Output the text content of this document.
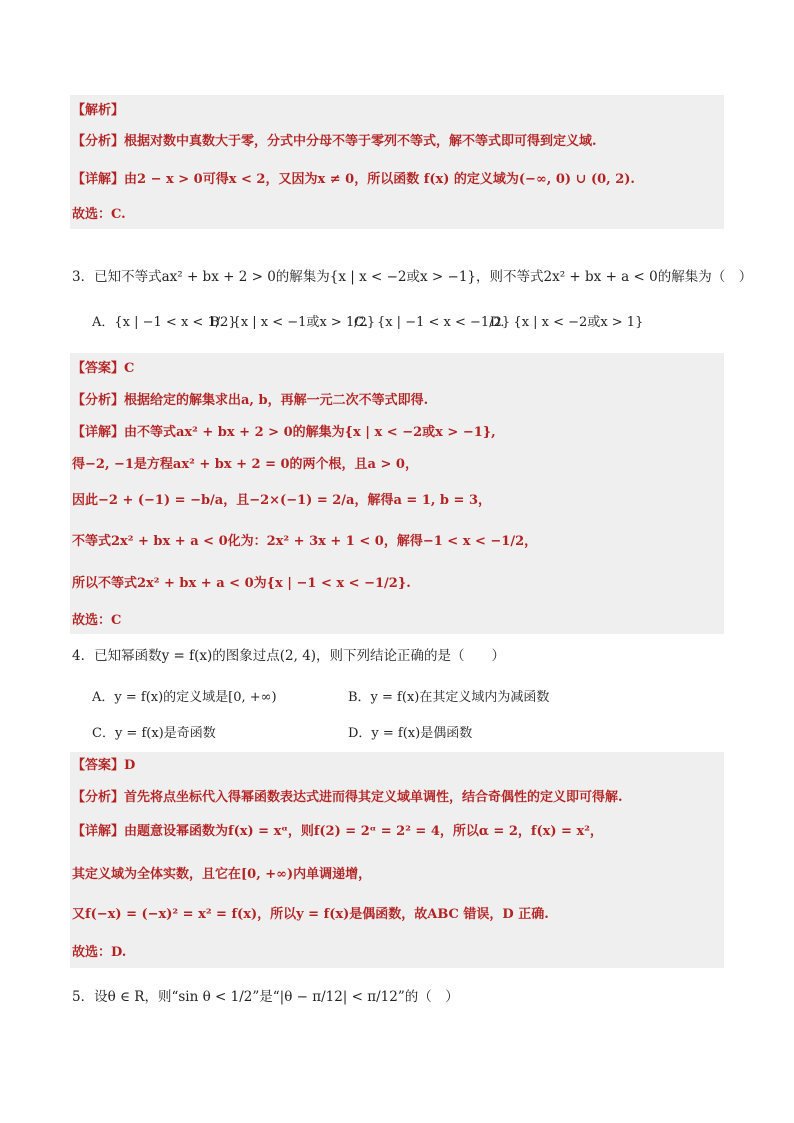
【解析】
【分析】根据对数中真数大于零，分式中分母不等于零列不等式，解不等式即可得到定义域.
【详解】由2 − x > 0可得x < 2，又因为x ≠ 0，所以函数 f(x) 的定义域为(−∞, 0) ∪ (0, 2).
故选：C.
3．已知不等式ax² + bx + 2 > 0的解集为{x | x < −2或x > −1}，则不等式2x² + bx + a < 0的解集为（　）
A．{x | −1 < x < 1/2}
B．{x | x < −1或x > 1/2}
C．{x | −1 < x < −1/2}
D．{x | x < −2或x > 1}
【答案】C
【分析】根据给定的解集求出a, b，再解一元二次不等式即得.
【详解】由不等式ax² + bx + 2 > 0的解集为{x | x < −2或x > −1},
得−2, −1是方程ax² + bx + 2 = 0的两个根，且a > 0，
因此−2 + (−1) = −b/a，且−2×(−1) = 2/a，解得a = 1, b = 3，
不等式2x² + bx + a < 0化为：2x² + 3x + 1 < 0，解得−1 < x < −1/2，
所以不等式2x² + bx + a < 0为{x | −1 < x < −1/2}.
故选：C
4．已知幂函数y = f(x)的图象过点(2, 4)，则下列结论正确的是（　　）
A．y = f(x)的定义域是[0, +∞)	B．y = f(x)在其定义域内为减函数
C．y = f(x)是奇函数	D．y = f(x)是偶函数
【答案】D
【分析】首先将点坐标代入得幂函数表达式进而得其定义域单调性，结合奇偶性的定义即可得解.
【详解】由题意设幂函数为f(x) = xᵅ，则f(2) = 2ᵅ = 2² = 4，所以α = 2，f(x) = x²，
其定义域为全体实数，且它在[0, +∞)内单调递增，
又f(−x) = (−x)² = x² = f(x)，所以y = f(x)是偶函数，故ABC 错误，D 正确.
故选：D.
5．设θ ∈ R，则“sin θ < 1/2”是“|θ − π/12| < π/12”的（　）
